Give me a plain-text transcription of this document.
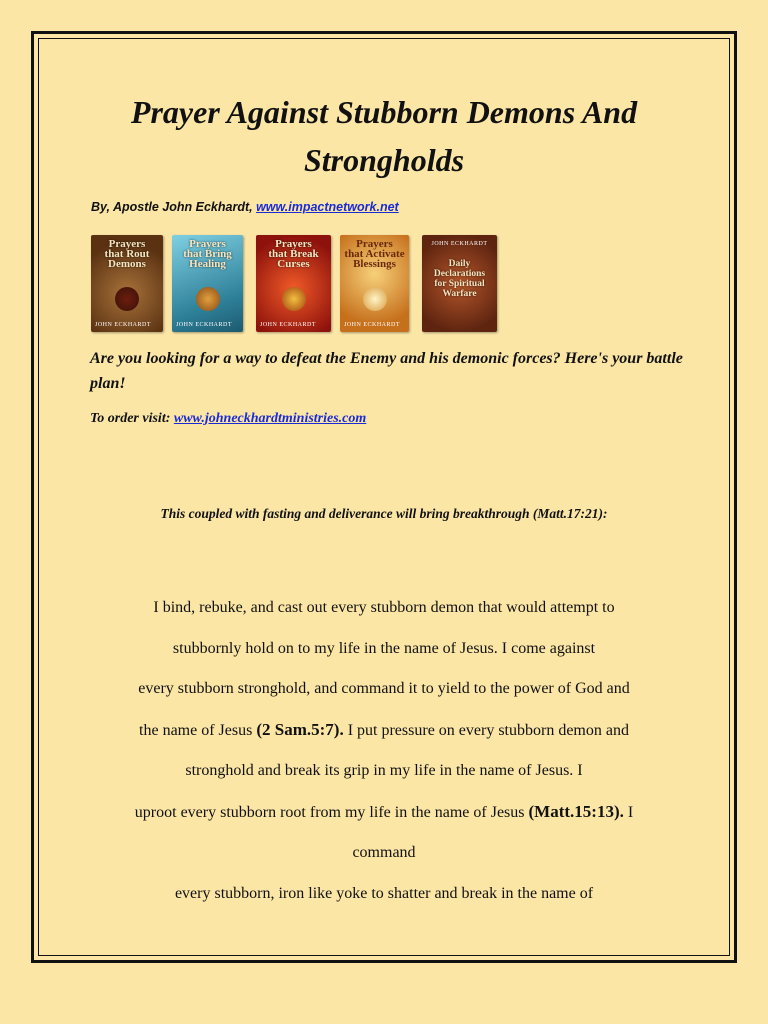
Prayer Against Stubborn Demons And Strongholds
By, Apostle John Eckhardt, www.impactnetwork.net
Prayers
that Rout
Demons
JOHN ECKHARDT
Prayers
that Bring
Healing
JOHN ECKHARDT
Prayers
that Break
Curses
JOHN ECKHARDT
Prayers
that Activate
Blessings
JOHN ECKHARDT
Daily
Declarations
for Spiritual
Warfare
JOHN ECKHARDT
Are you looking for a way to defeat the Enemy and his demonic forces? Here's your battle plan!
To order visit: www.johneckhardtministries.com
This coupled with fasting and deliverance will bring breakthrough (Matt.17:21):
I bind, rebuke, and cast out every stubborn demon that would attempt to
stubbornly hold on to my life in the name of Jesus. I come against
every stubborn stronghold, and command it to yield to the power of God and
the name of Jesus (2 Sam.5:7). I put pressure on every stubborn demon and
stronghold and break its grip in my life in the name of Jesus. I
uproot every stubborn root from my life in the name of Jesus (Matt.15:13). I
command
every stubborn, iron like yoke to shatter and break in the name of
